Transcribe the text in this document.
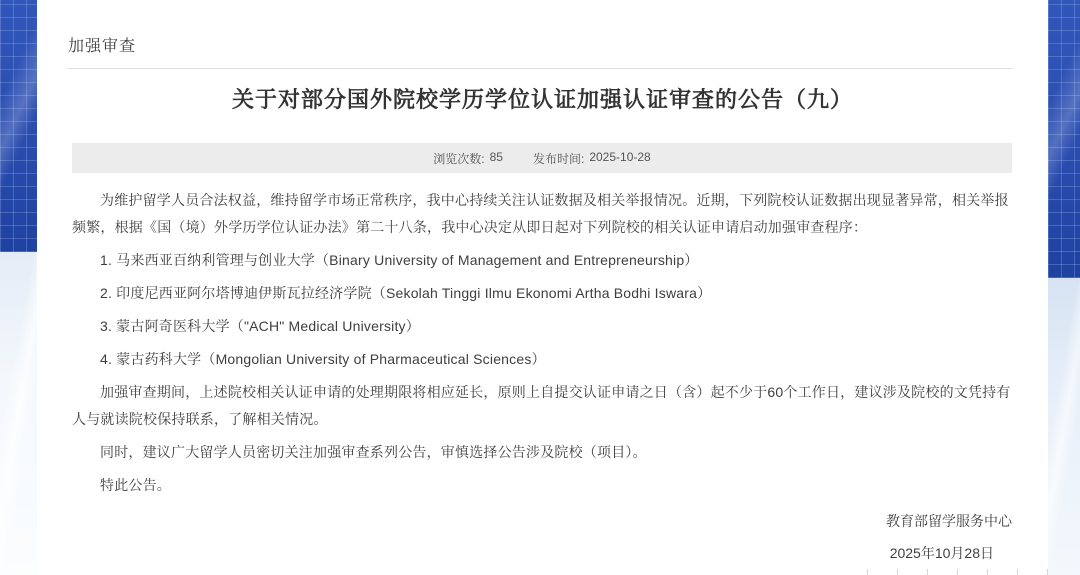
加强审查
关于对部分国外院校学历学位认证加强认证审查的公告（九）
浏览次数: 85	发布时间: 2025-10-28

为维护留学人员合法权益，维持留学市场正常秩序，我中心持续关注认证数据及相关举报情况。近期，下列院校认证数据出现显著异常，相关举报频繁，根据《国（境）外学历学位认证办法》第二十八条，我中心决定从即日起对下列院校的相关认证申请启动加强审查程序：

1. 马来西亚百纳利管理与创业大学（Binary University of Management and Entrepreneurship）

2. 印度尼西亚阿尔塔博迪伊斯瓦拉经济学院（Sekolah Tinggi Ilmu Ekonomi Artha Bodhi Iswara）

3. 蒙古阿奇医科大学（"ACH" Medical University）

4. 蒙古药科大学（Mongolian University of Pharmaceutical Sciences）

加强审查期间，上述院校相关认证申请的处理期限将相应延长，原则上自提交认证申请之日（含）起不少于60个工作日，建议涉及院校的文凭持有人与就读院校保持联系，了解相关情况。

同时，建议广大留学人员密切关注加强审查系列公告，审慎选择公告涉及院校（项目）。

特此公告。

教育部留学服务中心
2025年10月28日
